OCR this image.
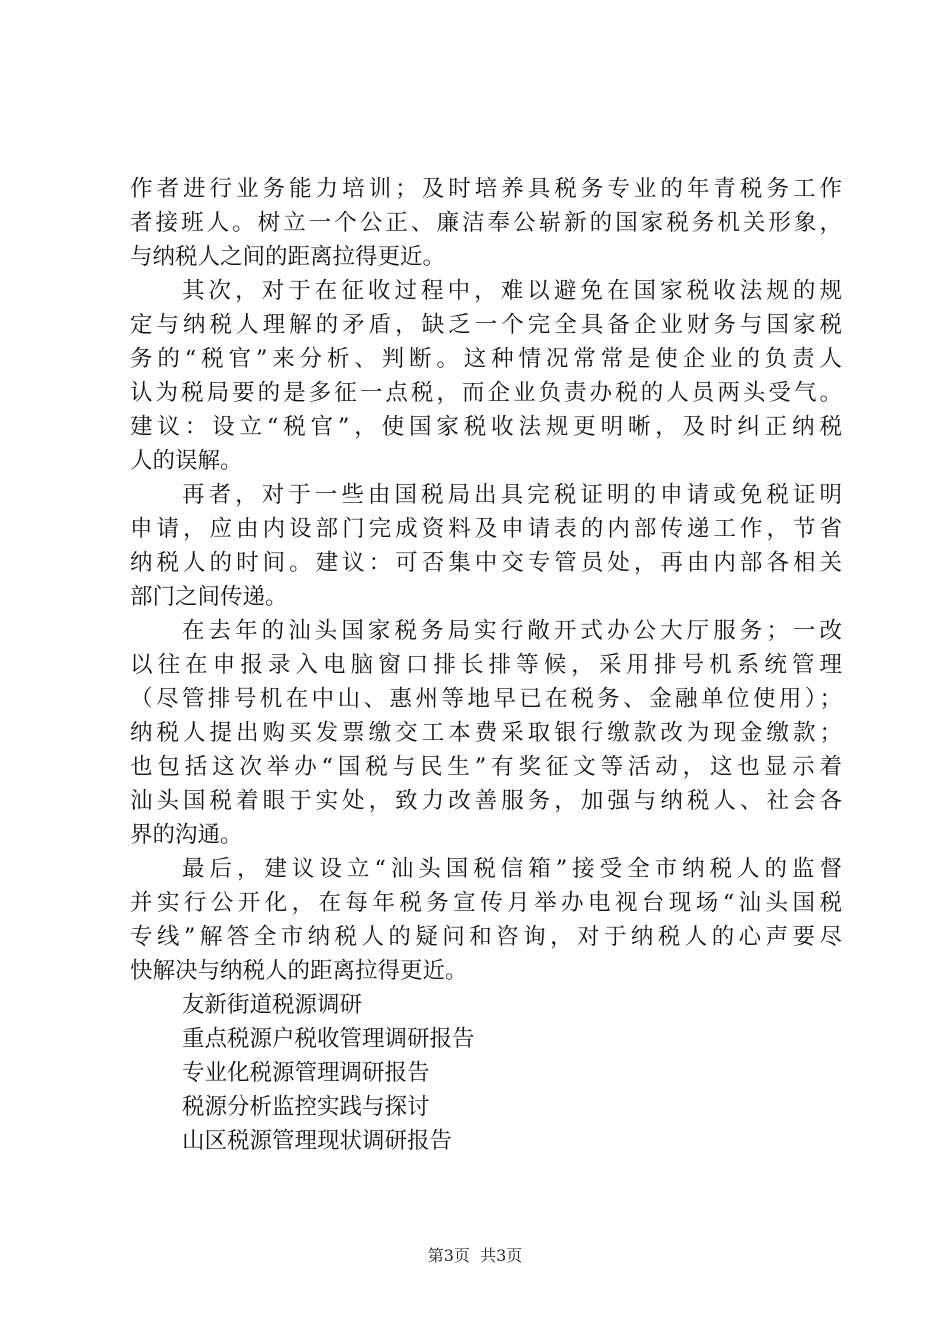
作者进行业务能力培训；及时培养具税务专业的年青税务工作
者接班人。树立一个公正、廉洁奉公崭新的国家税务机关形象，
与纳税人之间的距离拉得更近。
其次，对于在征收过程中，难以避免在国家税收法规的规
定与纳税人理解的矛盾，缺乏一个完全具备企业财务与国家税
务的“税官”来分析、判断。这种情况常常是使企业的负责人
认为税局要的是多征一点税，而企业负责办税的人员两头受气。
建议：设立“税官”，使国家税收法规更明晰，及时纠正纳税
人的误解。
再者，对于一些由国税局出具完税证明的申请或免税证明
申请，应由内设部门完成资料及申请表的内部传递工作，节省
纳税人的时间。建议：可否集中交专管员处，再由内部各相关
部门之间传递。
在去年的汕头国家税务局实行敞开式办公大厅服务；一改
以往在申报录入电脑窗口排长排等候，采用排号机系统管理
（尽管排号机在中山、惠州等地早已在税务、金融单位使用）；
纳税人提出购买发票缴交工本费采取银行缴款改为现金缴款；
也包括这次举办“国税与民生”有奖征文等活动，这也显示着
汕头国税着眼于实处，致力改善服务，加强与纳税人、社会各
界的沟通。
最后，建议设立“汕头国税信箱”接受全市纳税人的监督
并实行公开化，在每年税务宣传月举办电视台现场“汕头国税
专线”解答全市纳税人的疑问和咨询，对于纳税人的心声要尽
快解决与纳税人的距离拉得更近。
友新街道税源调研
重点税源户税收管理调研报告
专业化税源管理调研报告
税源分析监控实践与探讨
山区税源管理现状调研报告
第3页  共3页
